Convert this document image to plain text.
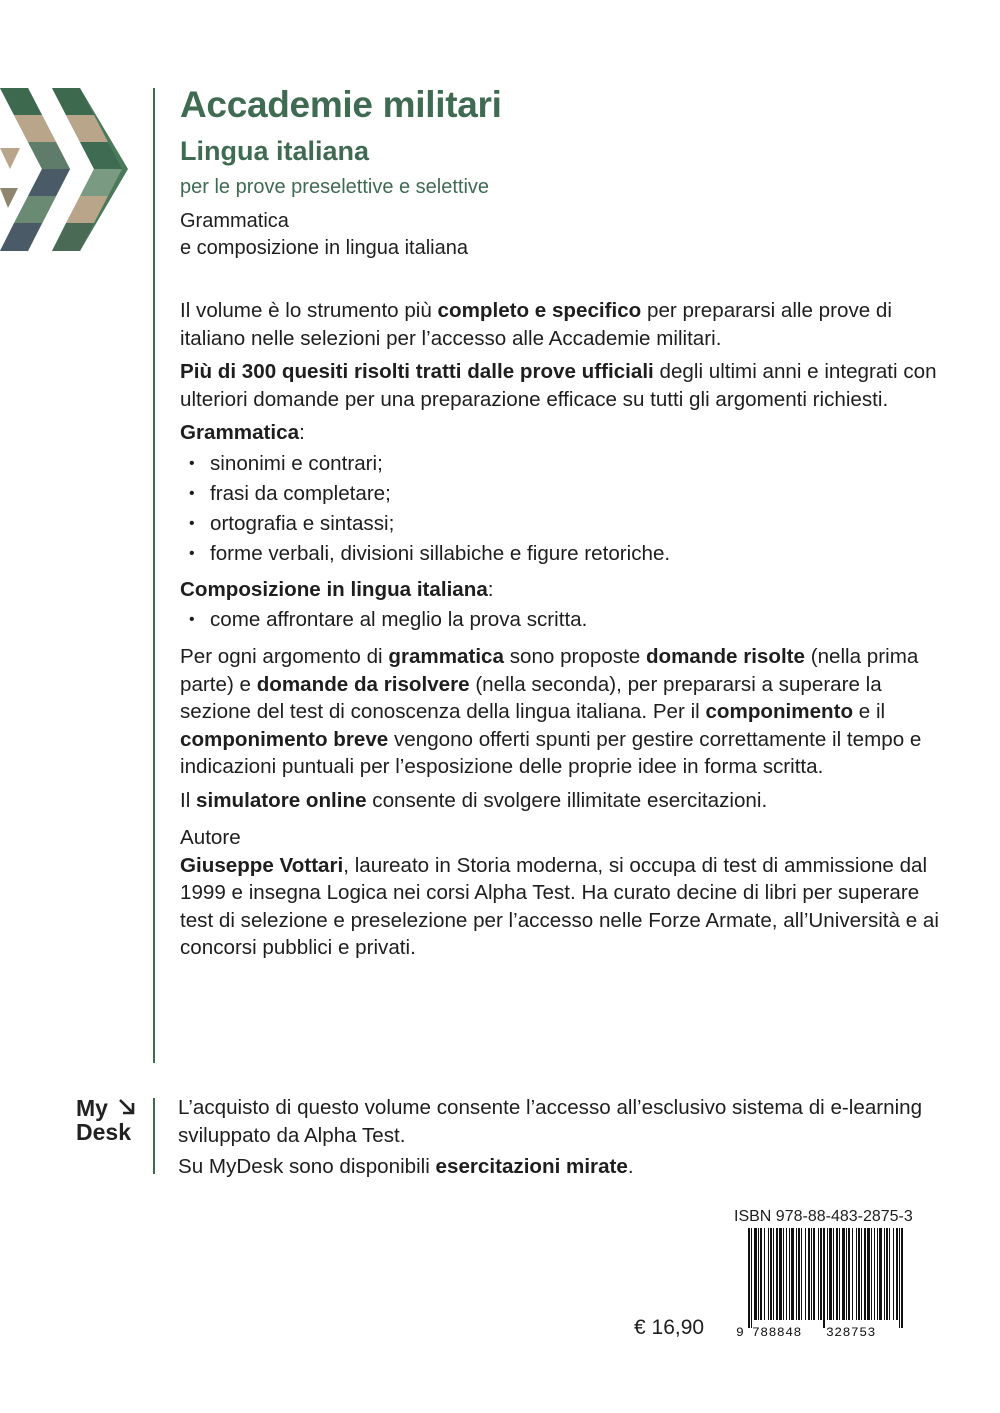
Accademie militari
Lingua italiana
per le prove preselettive e selettive
Grammatica
e composizione in lingua italiana

Il volume è lo strumento più completo e specifico per prepararsi alle prove di italiano nelle selezioni per l’accesso alle Accademie militari.

Più di 300 quesiti risolti tratti dalle prove ufficiali degli ultimi anni e integrati con ulteriori domande per una preparazione efficace su tutti gli argomenti richiesti.

Grammatica:

• sinonimi e contrari;
• frasi da completare;
• ortografia e sintassi;
• forme verbali, divisioni sillabiche e figure retoriche.

Composizione in lingua italiana:

• come affrontare al meglio la prova scritta.

Per ogni argomento di grammatica sono proposte domande risolte (nella prima parte) e domande da risolvere (nella seconda), per prepararsi a superare la sezione del test di conoscenza della lingua italiana. Per il componimento e il componimento breve vengono offerti spunti per gestire correttamente il tempo e indicazioni puntuali per l’esposizione delle proprie idee in forma scritta.

Il simulatore online consente di svolgere illimitate esercitazioni.

Autore

Giuseppe Vottari, laureato in Storia moderna, si occupa di test di ammissione dal 1999 e insegna Logica nei corsi Alpha Test. Ha curato decine di libri per superare test di selezione e preselezione per l’accesso nelle Forze Armate, all’Università e ai concorsi pubblici e privati.

My
Desk

L’acquisto di questo volume consente l’accesso all’esclusivo sistema di e-learning sviluppato da Alpha Test.

Su MyDesk sono disponibili esercitazioni mirate.

ISBN 978-88-483-2875-3
9 788848 328753
€ 16,90
